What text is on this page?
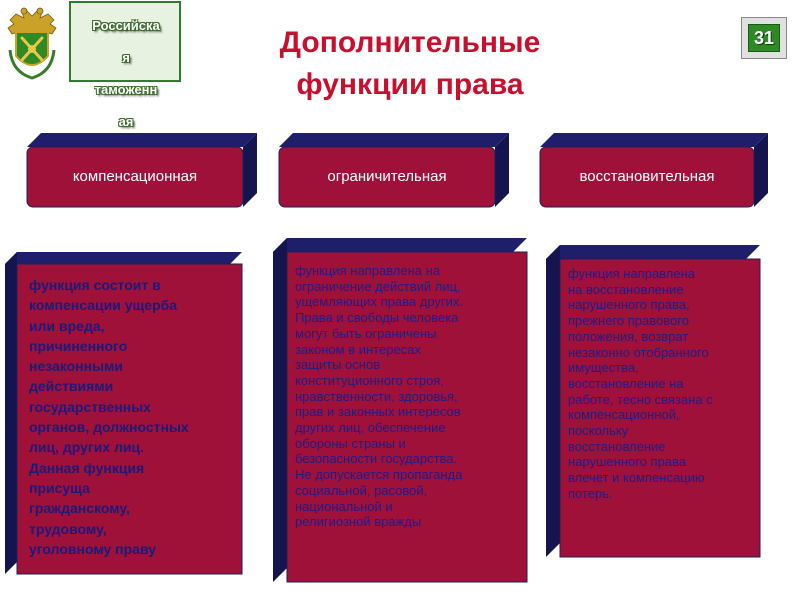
Российска

я

таможенн

ая

Дополнительные
функции права
31
компенсационная	ограничительная	восстановительная
функция состоит в
компенсации ущерба
или вреда,
причиненного
незаконными
действиями
государственных
органов, должностных
лиц, других лиц.
Данная функция
присуща
гражданскому,
трудовому,
уголовному праву
функция направлена на
ограничение действий лиц,
ущемляющих права других.
Права и свободы человека
могут быть ограничены
законом в интересах
защиты основ
конституционного строя,
нравственности, здоровья,
прав и законных интересов
других лиц, обеспечение
обороны страны и
безопасности государства.
Не допускается пропаганда
социальной, расовой,
национальной и
религиозной вражды
функция направлена
на восстановление
нарушенного права,
прежнего правового
положения, возврат
незаконно отобранного
имущества,
восстановление на
работе, тесно связана с
компенсационной,
поскольку
восстановление
нарушенного права
влечет и компенсацию
потерь.
